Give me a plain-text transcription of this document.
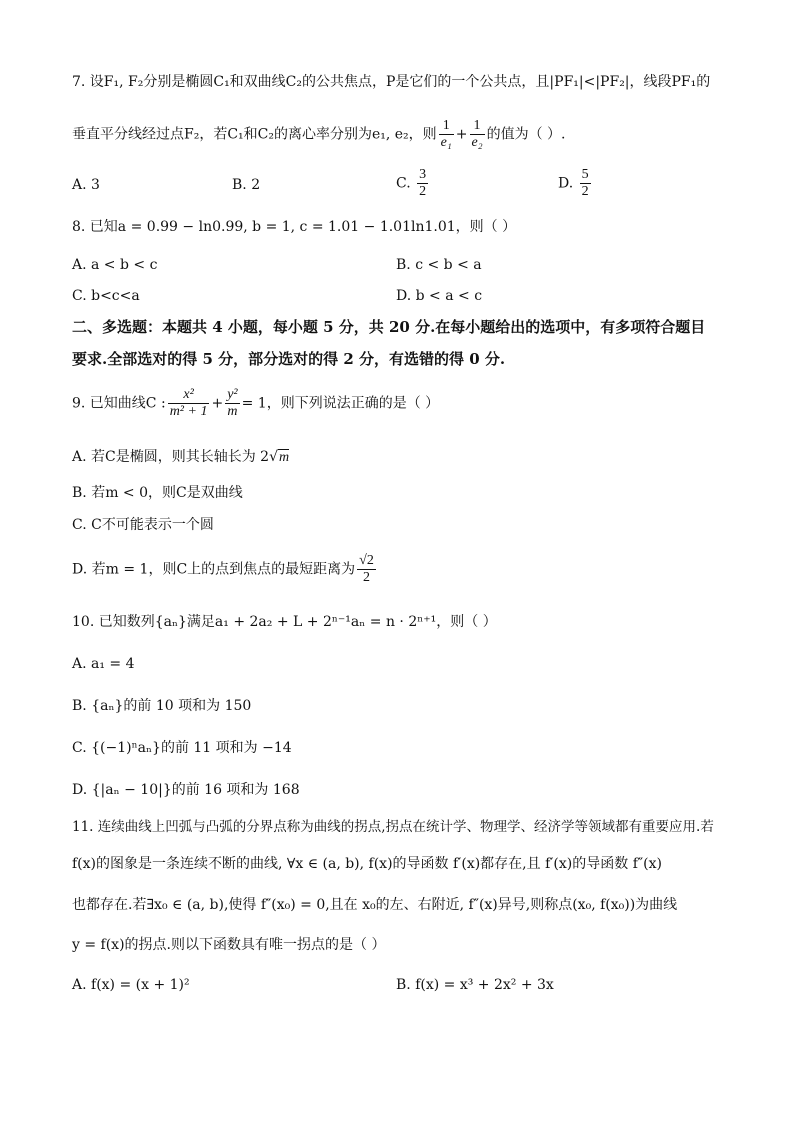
7. 设F₁, F₂分别是椭圆C₁和双曲线C₂的公共焦点，P是它们的一个公共点，且|PF₁|<|PF₂|，线段PF₁的
垂直平分线经过点F₂，若C₁和C₂的离心率分别为e₁, e₂，则 $\frac{1}{\text{e₁}} + \frac{1}{\text{e₂}}$ 的值为（ ）.
A. 3	B. 2	C. $\frac{3}{2}$	D. $\frac{5}{2}$
8. 已知a = 0.99 − ln0.99, b = 1, c = 1.01 − 1.01ln1.01，则（ ）
A. a < b < c	B. c < b < a
C. b<c<a	D. b < a < c
二、多选题：本题共 4 小题，每小题 5 分，共 20 分.在每小题给出的选项中，有多项符合题目
要求.全部选对的得 5 分，部分选对的得 2 分，有选错的得 0 分.
9. 已知曲线C : $\frac{\text{x²}}{\text{m² + 1}} + \frac{\text{y²}}{m} = 1$，则下列说法正确的是（ ）
A. 若C是椭圆，则其长轴长为 2√m
B. 若m < 0，则C是双曲线
C. C不可能表示一个圆
D. 若m = 1，则C上的点到焦点的最短距离为 $\frac{√2}{2}$
10. 已知数列{aₙ}满足a₁ + 2a₂ + L + 2ⁿ⁻¹aₙ = n · 2ⁿ⁺¹，则（ ）
A. a₁ = 4
B. {aₙ}的前 10 项和为 150
C. {(−1)ⁿaₙ}的前 11 项和为 −14
D. {|aₙ − 10|}的前 16 项和为 168
11. 连续曲线上凹弧与凸弧的分界点称为曲线的拐点,拐点在统计学、物理学、经济学等领域都有重要应用.若
f(x)的图象是一条连续不断的曲线, ∀x ∈ (a, b), f(x)的导函数 f′(x)都存在,且 f′(x)的导函数 f″(x)
也都存在.若∃x₀ ∈ (a, b),使得 f″(x₀) = 0,且在 x₀的左、右附近, f″(x)异号,则称点(x₀, f(x₀))为曲线
y = f(x)的拐点.则以下函数具有唯一拐点的是（ ）
A. f(x) = (x + 1)²	B. f(x) = x³ + 2x² + 3x
